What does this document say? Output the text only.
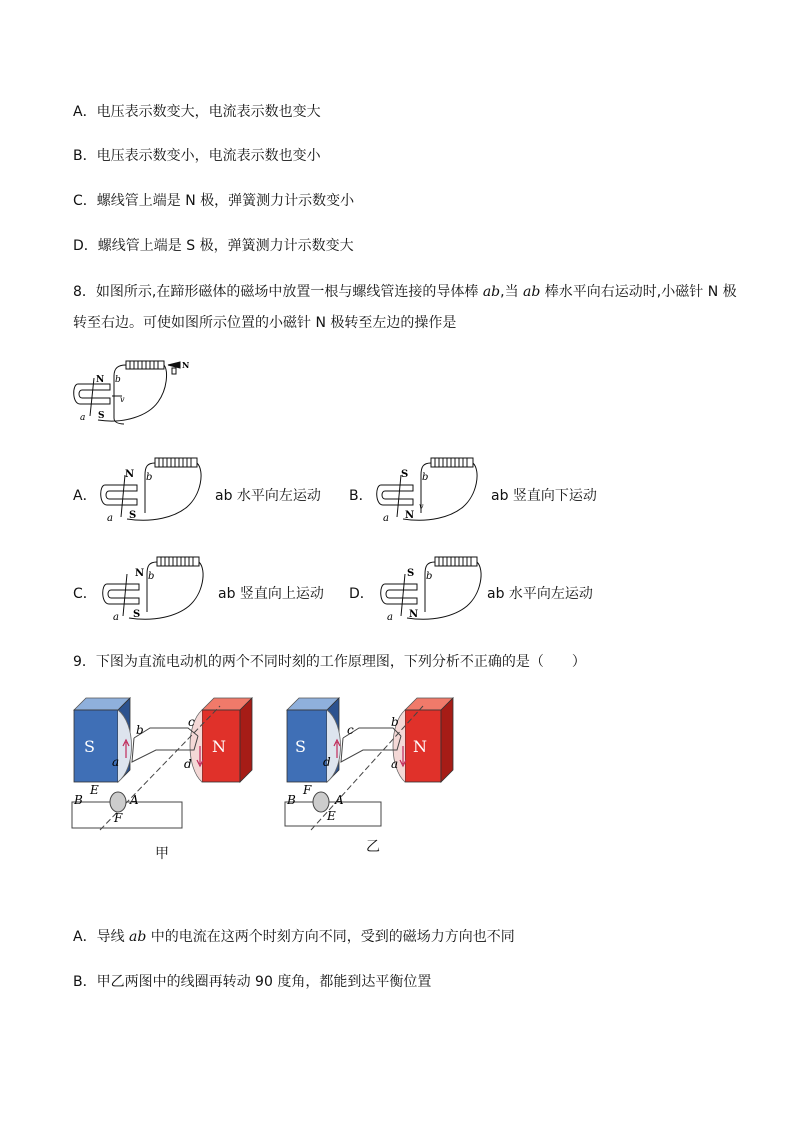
A．电压表示数变大，电流表示数也变大
B．电压表示数变小，电流表示数也变小
C．螺线管上端是 N 极，弹簧测力计示数变小
D．螺线管上端是 S 极，弹簧测力计示数变大
8．如图所示,在蹄形磁体的磁场中放置一根与螺线管连接的导体棒 ab,当 ab 棒水平向右运动时,小磁针 N 极
转至右边。可使如图所示位置的小磁针 N 极转至左边的操作是
N b
v
S
a
N
N b
S
a
S b
v
N
a
N b
S
a
S b
N
a
A．	ab 水平向左运动 B．	ab 竖直向下运动
C．	ab 竖直向上运动 D．	ab 水平向左运动
9．下图为直流电动机的两个不同时刻的工作原理图，下列分析不正确的是（　　）
S	N
b
c
a	d
E
B	A
F
S	N
c
b
d	a
F
B	A
E
甲	乙
A．导线 ab 中的电流在这两个时刻方向不同，受到的磁场力方向也不同
B．甲乙两图中的线圈再转动 90 度角，都能到达平衡位置
